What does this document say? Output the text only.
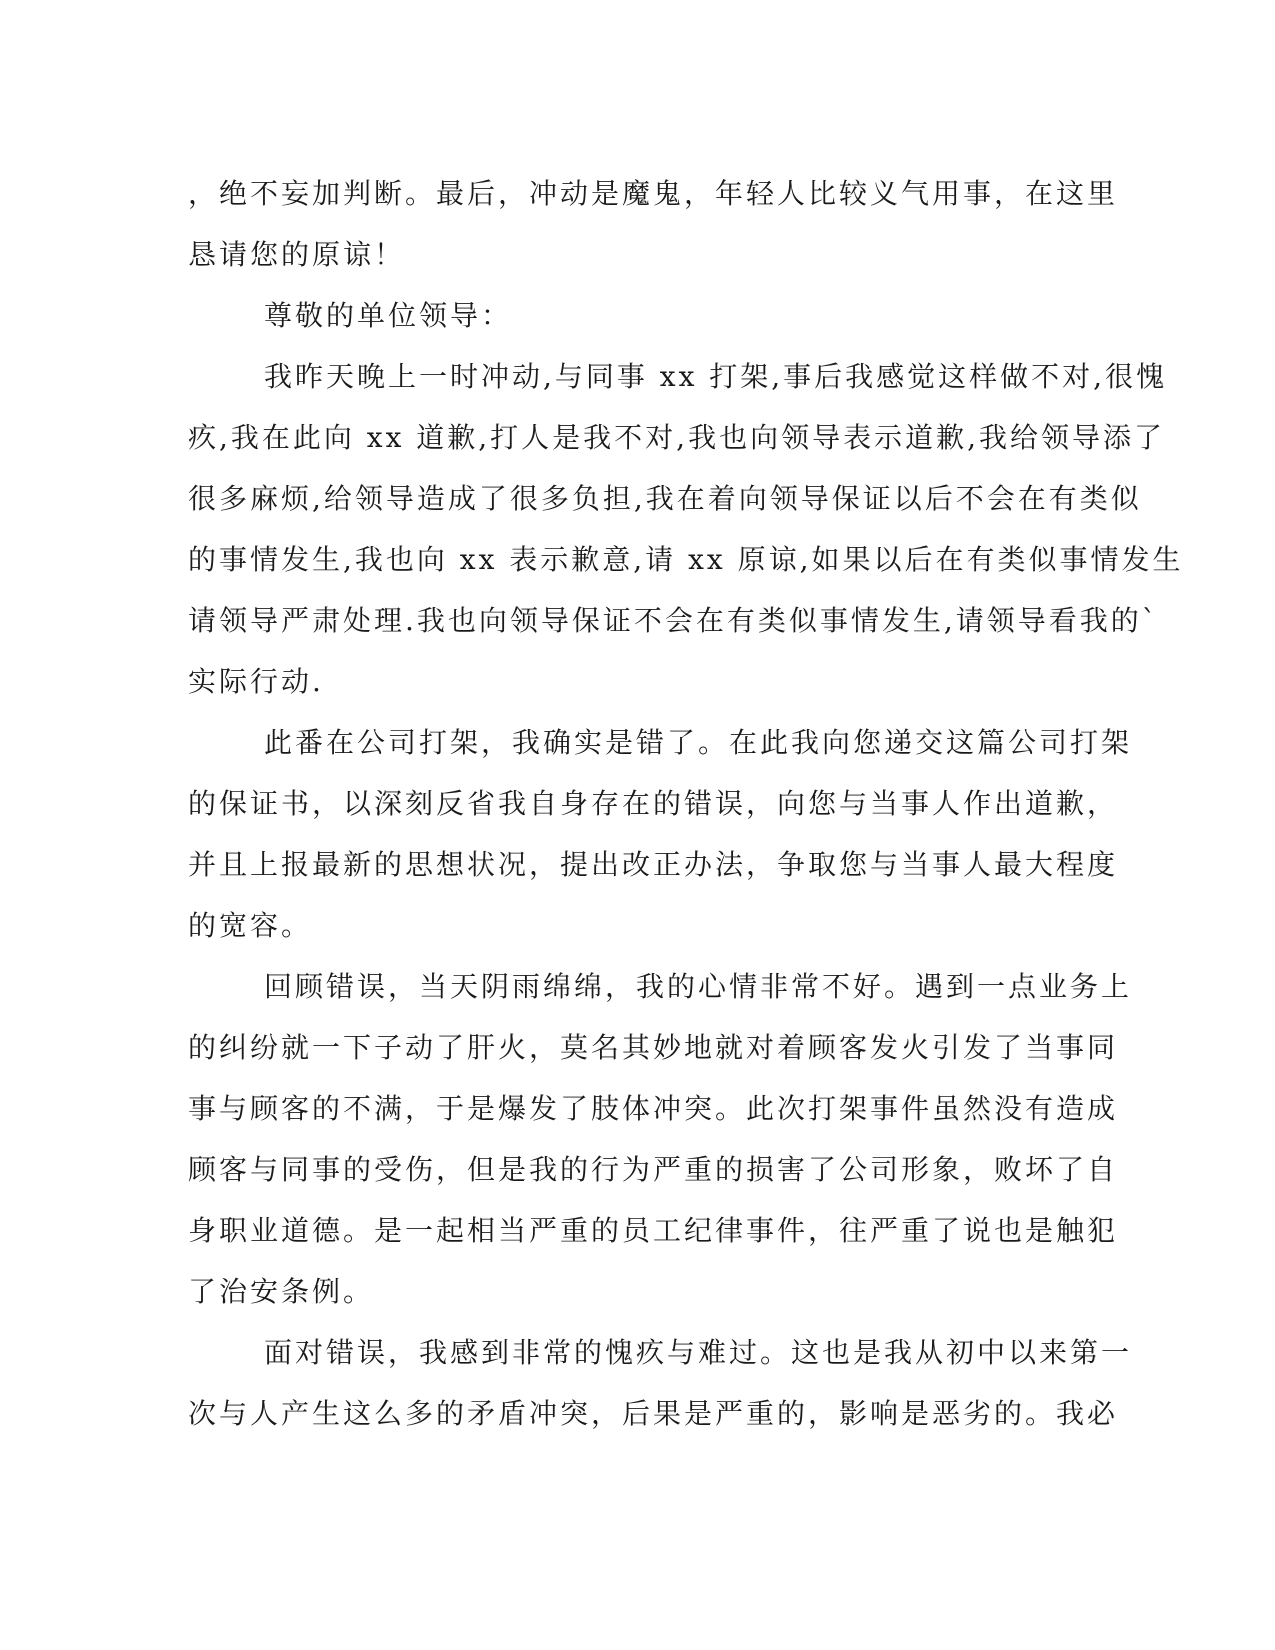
，绝不妄加判断。最后，冲动是魔鬼，年轻人比较义气用事，在这里
恳请您的原谅！
尊敬的单位领导：
我昨天晚上一时冲动,与同事 xx 打架,事后我感觉这样做不对,很愧
疚,我在此向 xx 道歉,打人是我不对,我也向领导表示道歉,我给领导添了
很多麻烦,给领导造成了很多负担,我在着向领导保证以后不会在有类似
的事情发生,我也向 xx 表示歉意,请 xx 原谅,如果以后在有类似事情发生
请领导严肃处理.我也向领导保证不会在有类似事情发生,请领导看我的`
实际行动.
此番在公司打架，我确实是错了。在此我向您递交这篇公司打架
的保证书，以深刻反省我自身存在的错误，向您与当事人作出道歉，
并且上报最新的思想状况，提出改正办法，争取您与当事人最大程度
的宽容。
回顾错误，当天阴雨绵绵，我的心情非常不好。遇到一点业务上
的纠纷就一下子动了肝火，莫名其妙地就对着顾客发火引发了当事同
事与顾客的不满，于是爆发了肢体冲突。此次打架事件虽然没有造成
顾客与同事的受伤，但是我的行为严重的损害了公司形象，败坏了自
身职业道德。是一起相当严重的员工纪律事件，往严重了说也是触犯
了治安条例。
面对错误，我感到非常的愧疚与难过。这也是我从初中以来第一
次与人产生这么多的矛盾冲突，后果是严重的，影响是恶劣的。我必
